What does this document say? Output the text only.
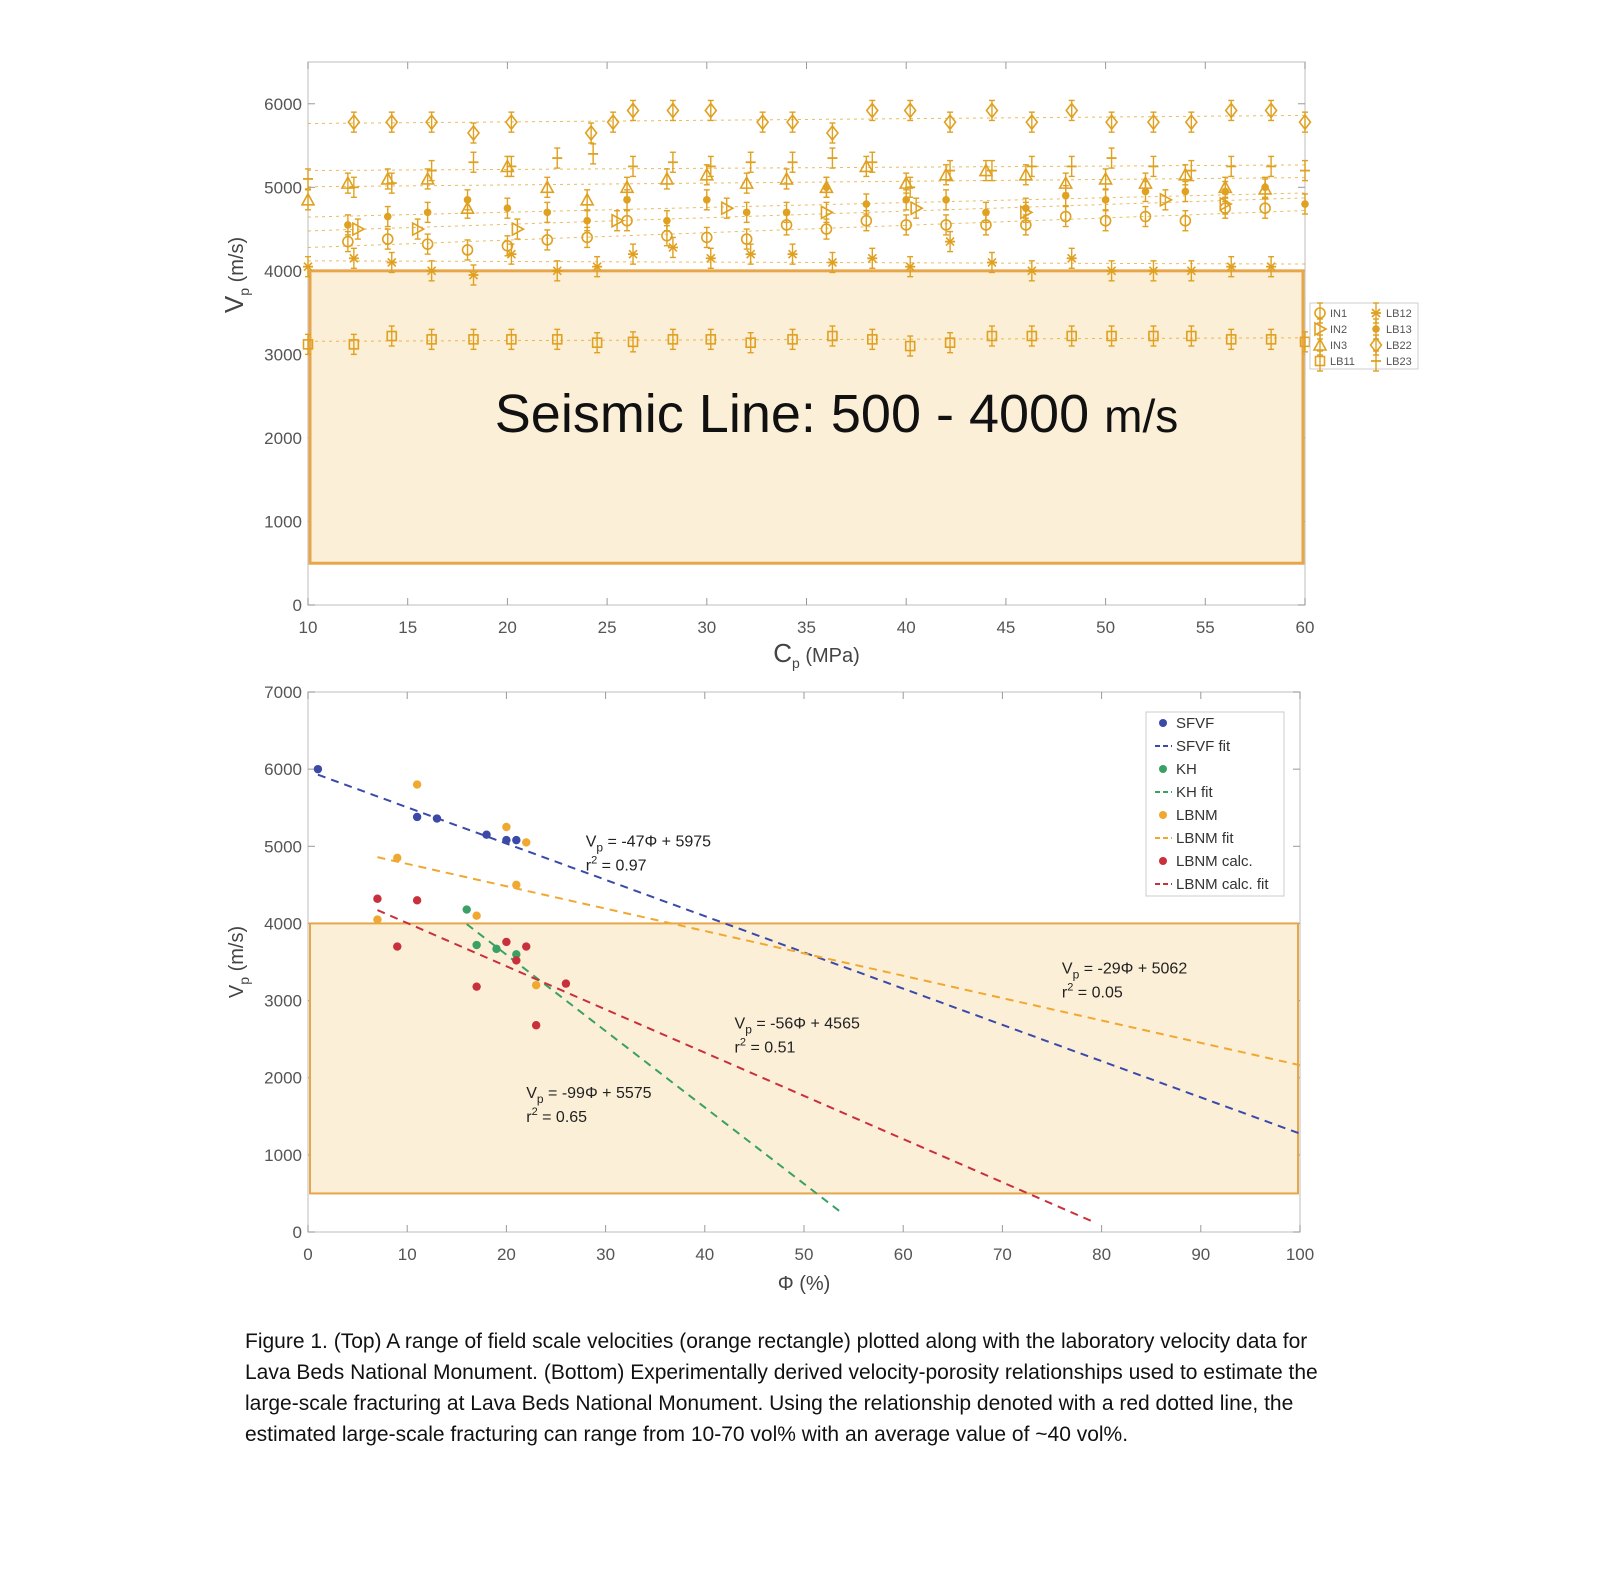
10	15	20	25	30	35	40	45	50	55	60
0
1000
2000
3000
4000
5000
6000
Seismic Line: 500 - 4000 m/s
$C_p$ (MPa)
$V_p$ (m/s)
IN1
IN2
IN3
LB11
LB12
LB13
LB22
LB23
0	10	20	30	40	50	60	70	80	90	100
0
1000
2000
3000
4000
5000
6000
7000
$V_p = -47\Phi + 5975$
$r^2 = 0.97$
$V_p = -29\Phi + 5062$
$r^2 = 0.05$
$V_p = -56\Phi + 4565$
$r^2 = 0.51$
$V_p = -99\Phi + 5575$
$r^2 = 0.65$
Φ (%)
$V_p$ (m/s)
SFVF
SFVF fit
KH
KH fit
LBNM
LBNM fit
LBNM calc.
LBNM calc. fit
Figure 1. (Top) A range of field scale velocities (orange rectangle) plotted along with the laboratory velocity data for Lava Beds National Monument. (Bottom) Experimentally derived velocity-porosity relationships used to estimate the large-scale fracturing at Lava Beds National Monument. Using the relationship denoted with a red dotted line, the estimated large-scale fracturing can range from 10-70 vol% with an average value of ~40 vol%.
